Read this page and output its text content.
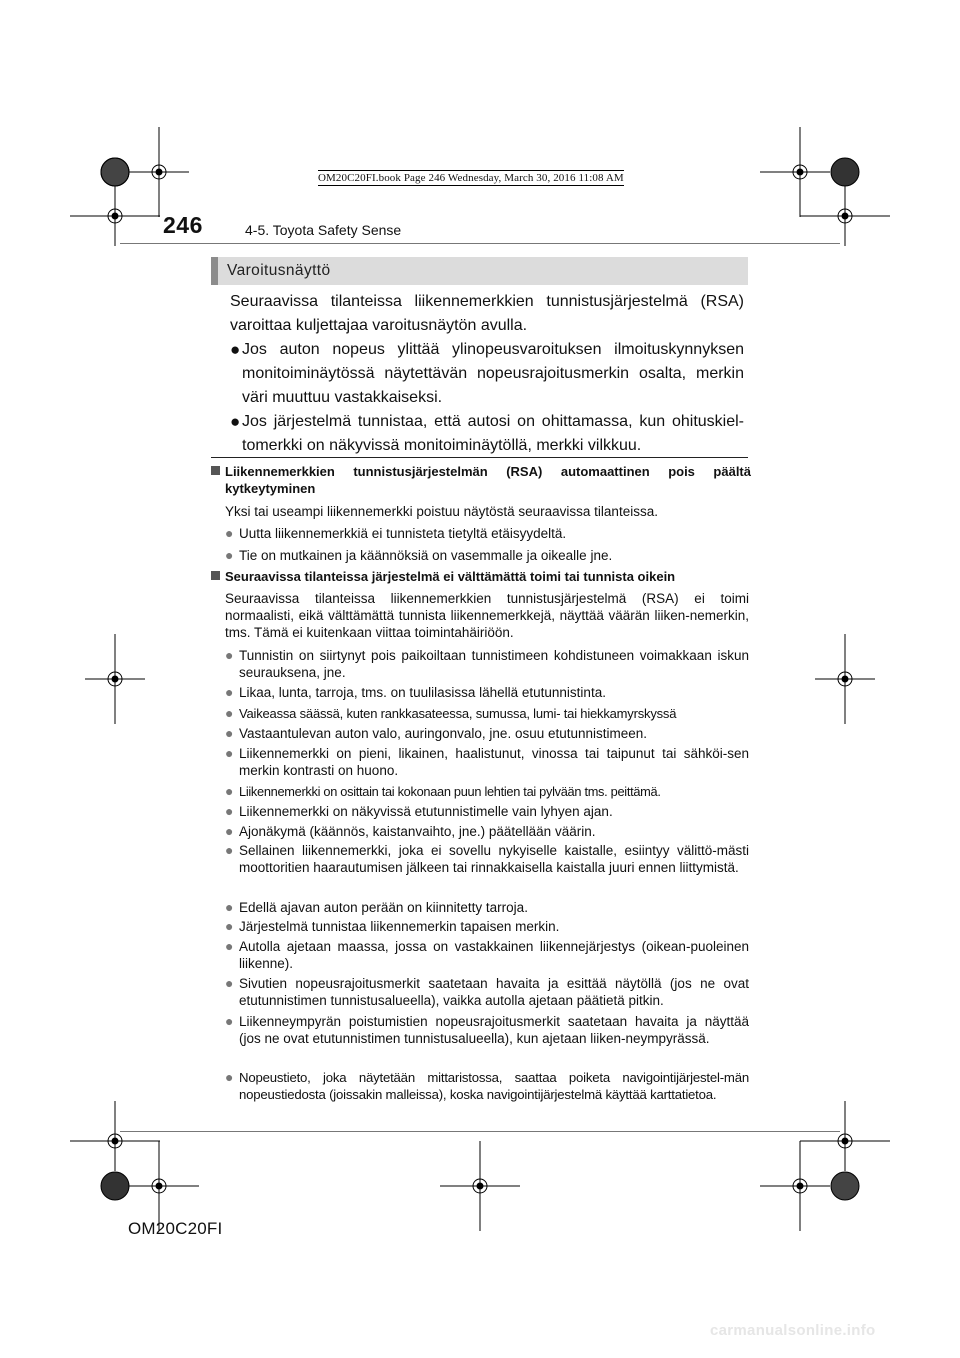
OM20C20FI.book Page 246 Wednesday, March 30, 2016 11:08 AM
246	4-5. Toyota Safety Sense
Varoitusnäyttö
Seuraavissa tilanteissa liikennemerkkien tunnistusjärjestelmä (RSA) varoittaa kuljettajaa varoitusnäytön avulla.
● Jos auton nopeus ylittää ylinopeusvaroituksen ilmoituskynnyksen monitoiminäytössä näytettävän nopeusrajoitusmerkin osalta, merkin väri muuttuu vastakkaiseksi.
● Jos järjestelmä tunnistaa, että autosi on ohittamassa, kun ohituskiel-tomerkki on näkyvissä monitoiminäytöllä, merkki vilkkuu.
Liikennemerkkien tunnistusjärjestelmän (RSA) automaattinen pois päältä kytkeytyminen
Yksi tai useampi liikennemerkki poistuu näytöstä seuraavissa tilanteissa.
● Uutta liikennemerkkiä ei tunnisteta tietyltä etäisyydeltä.
● Tie on mutkainen ja käännöksiä on vasemmalle ja oikealle jne.
Seuraavissa tilanteissa järjestelmä ei välttämättä toimi tai tunnista oikein
Seuraavissa tilanteissa liikennemerkkien tunnistusjärjestelmä (RSA) ei toimi normaalisti, eikä välttämättä tunnista liikennemerkkejä, näyttää väärän liiken-nemerkin, tms. Tämä ei kuitenkaan viittaa toimintahäiriöön.
● Tunnistin on siirtynyt pois paikoiltaan tunnistimeen kohdistuneen voimakkaan iskun seurauksena, jne.
● Likaa, lunta, tarroja, tms. on tuulilasissa lähellä etutunnistinta.
● Vaikeassa säässä, kuten rankkasateessa, sumussa, lumi- tai hiekkamyrskyssä
● Vastaantulevan auton valo, auringonvalo, jne. osuu etutunnistimeen.
● Liikennemerkki on pieni, likainen, haalistunut, vinossa tai taipunut tai sähköi-sen merkin kontrasti on huono.
● Liikennemerkki on osittain tai kokonaan puun lehtien tai pylvään tms. peittämä.
● Liikennemerkki on näkyvissä etutunnistimelle vain lyhyen ajan.
● Ajonäkymä (käännös, kaistanvaihto, jne.) päätellään väärin.
● Sellainen liikennemerkki, joka ei sovellu nykyiselle kaistalle, esiintyy välittö-mästi moottoritien haarautumisen jälkeen tai rinnakkaisella kaistalla juuri ennen liittymistä.
● Edellä ajavan auton perään on kiinnitetty tarroja.
● Järjestelmä tunnistaa liikennemerkin tapaisen merkin.
● Autolla ajetaan maassa, jossa on vastakkainen liikennejärjestys (oikean-puoleinen liikenne).
● Sivutien nopeusrajoitusmerkit saatetaan havaita ja esittää näytöllä (jos ne ovat etutunnistimen tunnistusalueella), vaikka autolla ajetaan päätietä pitkin.
● Liikenneympyrän poistumistien nopeusrajoitusmerkit saatetaan havaita ja näyttää (jos ne ovat etutunnistimen tunnistusalueella), kun ajetaan liiken-neympyrässä.
● Nopeustieto, joka näytetään mittaristossa, saattaa poiketa navigointijärjestel-män nopeustiedosta (joissakin malleissa), koska navigointijärjestelmä käyttää karttatietoa.
OM20C20FI
carmanualsonline.info
